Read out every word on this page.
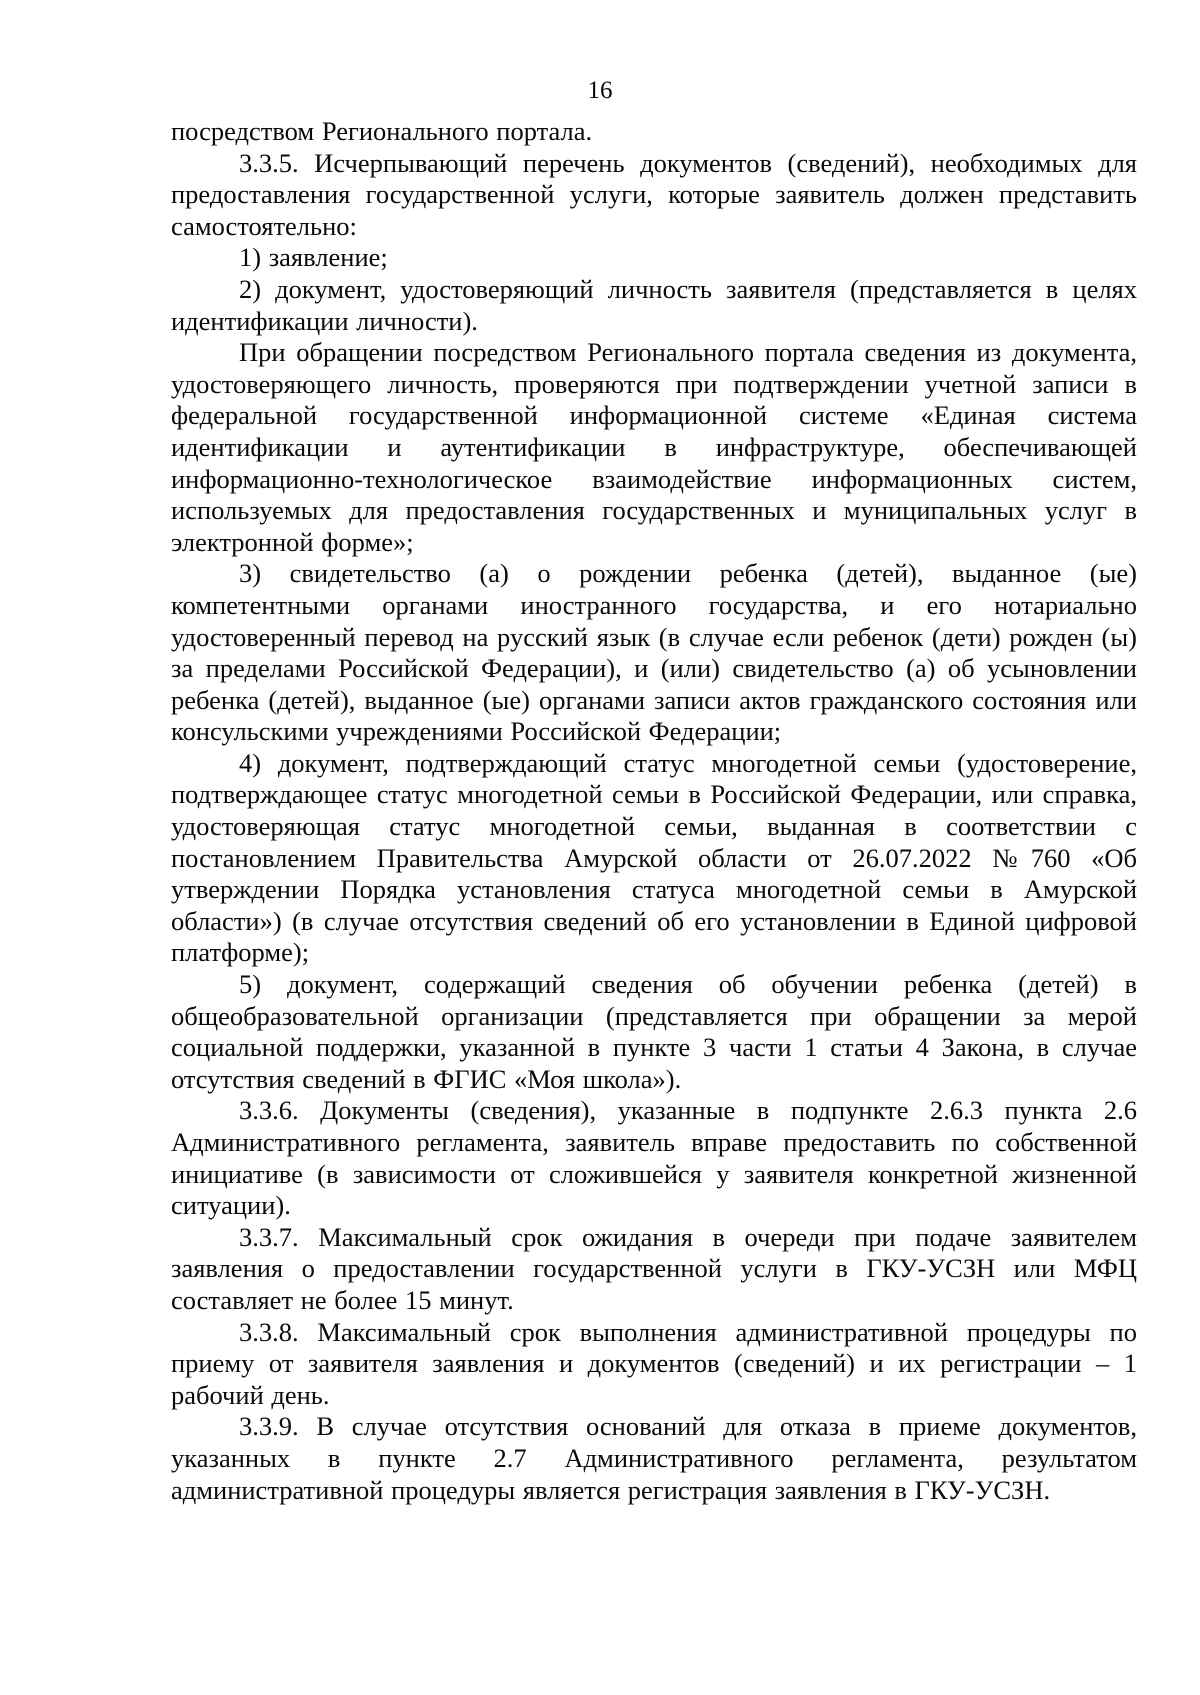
16

посредством Регионального портала.

3.3.5. Исчерпывающий перечень документов (сведений), необходимых для предоставления государственной услуги, которые заявитель должен представить самостоятельно:

1) заявление;

2) документ, удостоверяющий личность заявителя (представляется в целях идентификации личности).

При обращении посредством Регионального портала сведения из документа, удостоверяющего личность, проверяются при подтверждении учетной записи в федеральной государственной информационной системе «Единая система идентификации и аутентификации в инфраструктуре, обеспечивающей информационно-технологическое взаимодействие информационных систем, используемых для предоставления государственных и муниципальных услуг в электронной форме»;

3) свидетельство (а) о рождении ребенка (детей), выданное (ые) компетентными органами иностранного государства, и его нотариально удостоверенный перевод на русский язык (в случае если ребенок (дети) рожден (ы) за пределами Российской Федерации), и (или) свидетельство (а) об усыновлении ребенка (детей), выданное (ые) органами записи актов гражданского состояния или консульскими учреждениями Российской Федерации;

4) документ, подтверждающий статус многодетной семьи (удостоверение, подтверждающее статус многодетной семьи в Российской Федерации, или справка, удостоверяющая статус многодетной семьи, выданная в соответствии с постановлением Правительства Амурской области от 26.07.2022 №760 «Об утверждении Порядка установления статуса многодетной семьи в Амурской области») (в случае отсутствия сведений об его установлении в Единой цифровой платформе);

5) документ, содержащий сведения об обучении ребенка (детей) в общеобразовательной организации (представляется при обращении за мерой социальной поддержки, указанной в пункте 3 части 1 статьи 4 Закона, в случае отсутствия сведений в ФГИС «Моя школа»).

3.3.6. Документы (сведения), указанные в подпункте 2.6.3 пункта 2.6 Административного регламента, заявитель вправе предоставить по собственной инициативе (в зависимости от сложившейся у заявителя конкретной жизненной ситуации).

3.3.7. Максимальный срок ожидания в очереди при подаче заявителем заявления о предоставлении государственной услуги в ГКУ-УСЗН или МФЦ составляет не более 15 минут.

3.3.8. Максимальный срок выполнения административной процедуры по приему от заявителя заявления и документов (сведений) и их регистрации – 1 рабочий день.

3.3.9. В случае отсутствия оснований для отказа в приеме документов, указанных в пункте 2.7 Административного регламента, результатом административной процедуры является регистрация заявления в ГКУ-УСЗН.
